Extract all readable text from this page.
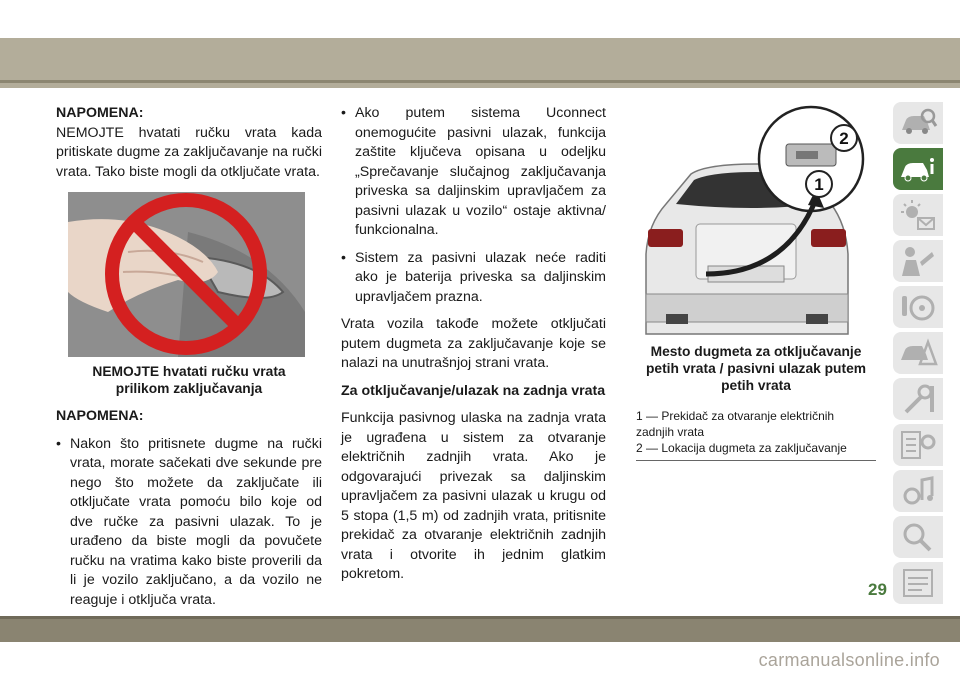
NAPOMENA:

NEMOJTE hvatati ručku vrata kada pritiskate dugme za zaključavanje na ručki vrata. Tako biste mogli da otključate vrata.

NEMOJTE hvatati ručku vrata
prilikom zaključavanja

NAPOMENA:

• Nakon što pritisnete dugme na ručki vrata, morate sačekati dve sekunde pre nego što možete da zaključate ili otključate vrata pomoću bilo koje od dve ručke za pasivni ulazak. To je urađeno da biste mogli da povučete ručku na vratima kako biste proverili da li je vozilo zaključano, a da vozilo ne reaguje i otključa vrata.
• Ako putem sistema Uconnect onemogućite pasivni ulazak, funkcija zaštite ključeva opisana u odeljku „Sprečavanje slučajnog zaključavanja priveska sa daljinskim upravljačem za pasivni ulazak u vozilo“ ostaje aktivna/ funkcionalna.
• Sistem za pasivni ulazak neće raditi ako je baterija priveska sa daljinskim upravljačem prazna.

Vrata vozila takođe možete otključati putem dugmeta za zaključavanje koje se nalazi na unutrašnjoj strani vrata.

Za otključavanje/ulazak na zadnja vrata

Funkcija pasivnog ulaska na zadnja vrata je ugrađena u sistem za otvaranje električnih zadnjih vrata. Ako je odgovarajući privezak sa daljinskim upravljačem za pasivni ulazak u krugu od 5 stopa (1,5 m) od zadnjih vrata, pritisnite prekidač za otvaranje električnih zadnjih vrata i otvorite ih jednim glatkim pokretom.

2
1
Mesto dugmeta za otključavanje
petih vrata / pasivni ulazak putem
petih vrata
1 — Prekidač za otvaranje električnih
zadnjih vrata
2 — Lokacija dugmeta za zaključavanje
29
carmanualsonline.info
